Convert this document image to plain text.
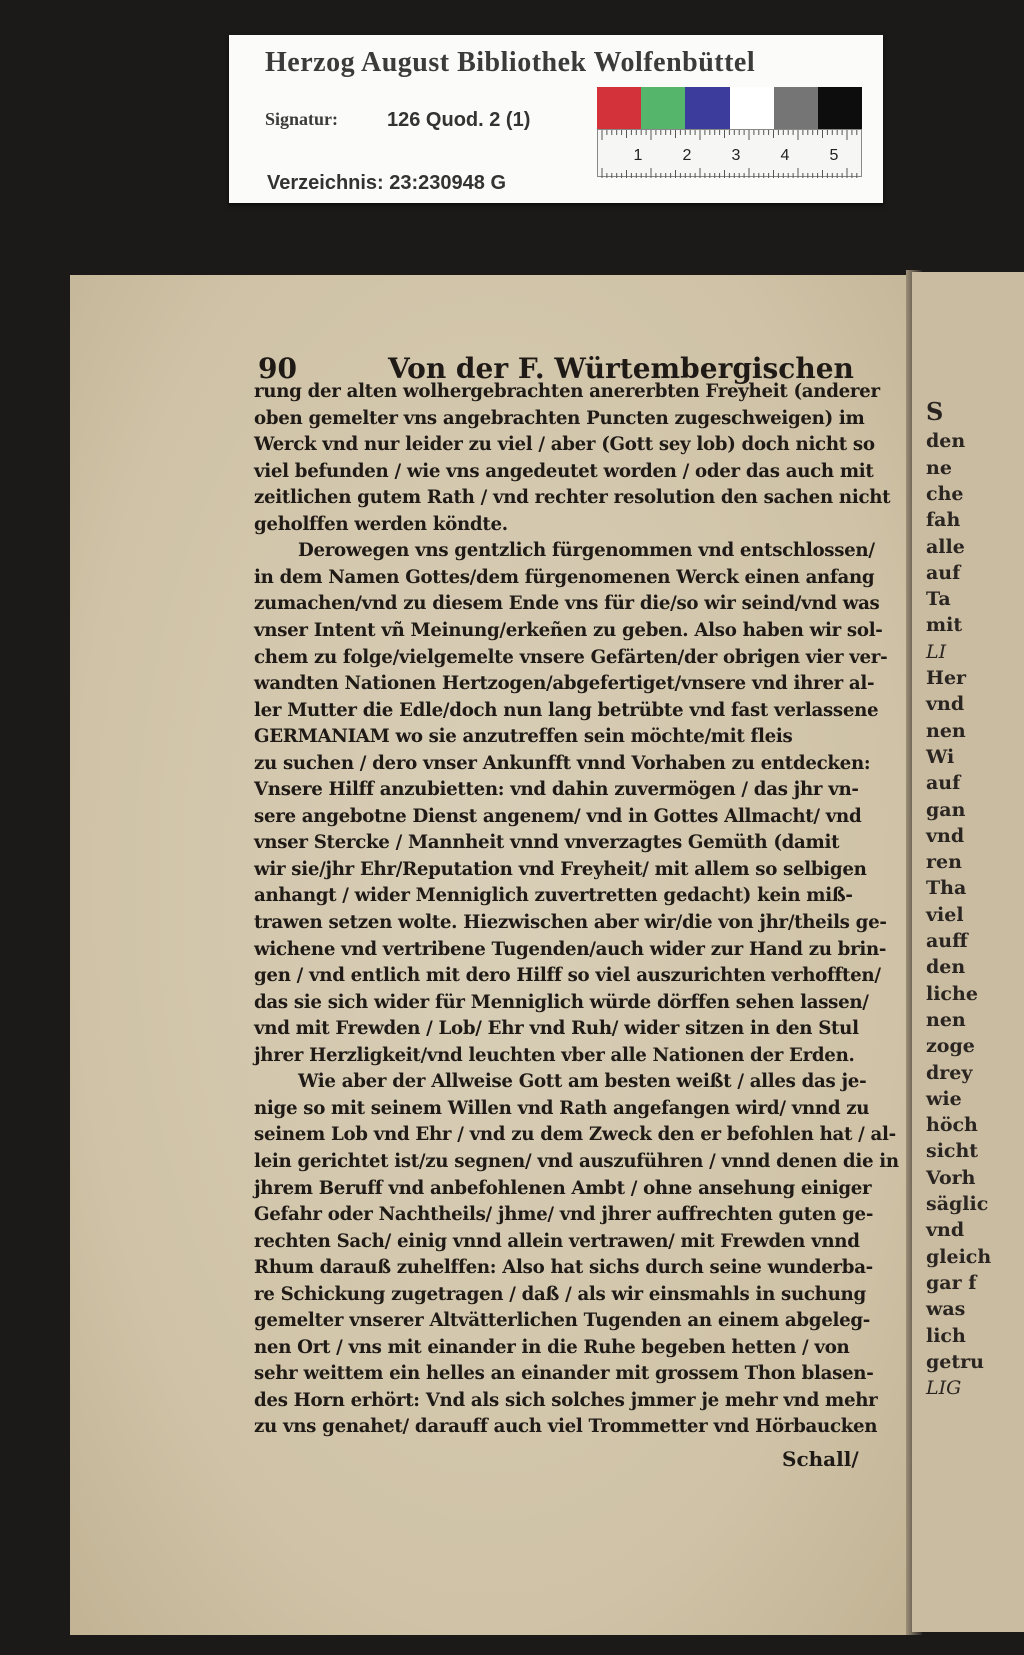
Herzog August Bibliothek Wolfenbüttel
Signatur: 126 Quod. 2 (1)
Verzeichnis: 23:230948 G
1	2	3	4	5
S
den
ne
che
fah
alle
auf
Ta
mit
LI
Her
vnd
nen
Wi
auf
gan
vnd
ren
Tha
viel
auff
den
liche
nen
zoge
drey
wie
höch
sicht
Vorh
säglic
vnd
gleich
gar f
was
lich
getru
LIG
90	Von der F. Würtembergischen
rung der alten wolhergebrachten anererbten Freyheit (anderer
oben gemelter vns angebrachten Puncten zugeschweigen) im
Werck vnd nur leider zu viel / aber (Gott sey lob) doch nicht so
viel befunden / wie vns angedeutet worden / oder das auch mit
zeitlichen gutem Rath / vnd rechter resolution den sachen nicht
geholffen werden köndte.
Derowegen vns gentzlich fürgenommen vnd entschlossen/
in dem Namen Gottes/dem fürgenomenen Werck einen anfang
zumachen/vnd zu diesem Ende vns für die/so wir seind/vnd was
vnser Intent vñ Meinung/erkeñen zu geben. Also haben wir sol-
chem zu folge/vielgemelte vnsere Gefärten/der obrigen vier ver-
wandten Nationen Hertzogen/abgefertiget/vnsere vnd ihrer al-
ler Mutter die Edle/doch nun lang betrübte vnd fast verlassene
GERMANIAM wo sie anzutreffen sein möchte/mit fleis
zu suchen / dero vnser Ankunfft vnnd Vorhaben zu entdecken:
Vnsere Hilff anzubietten: vnd dahin zuvermögen / das jhr vn-
sere angebotne Dienst angenem/ vnd in Gottes Allmacht/ vnd
vnser Stercke / Mannheit vnnd vnverzagtes Gemüth (damit
wir sie/jhr Ehr/Reputation vnd Freyheit/ mit allem so selbigen
anhangt / wider Menniglich zuvertretten gedacht) kein miß-
trawen setzen wolte. Hiezwischen aber wir/die von jhr/theils ge-
wichene vnd vertribene Tugenden/auch wider zur Hand zu brin-
gen / vnd entlich mit dero Hilff so viel auszurichten verhofften/
das sie sich wider für Menniglich würde dörffen sehen lassen/
vnd mit Frewden / Lob/ Ehr vnd Ruh/ wider sitzen in den Stul
jhrer Herzligkeit/vnd leuchten vber alle Nationen der Erden.
Wie aber der Allweise Gott am besten weißt / alles das je-
nige so mit seinem Willen vnd Rath angefangen wird/ vnnd zu
seinem Lob vnd Ehr / vnd zu dem Zweck den er befohlen hat / al-
lein gerichtet ist/zu segnen/ vnd auszuführen / vnnd denen die in
jhrem Beruff vnd anbefohlenen Ambt / ohne ansehung einiger
Gefahr oder Nachtheils/ jhme/ vnd jhrer auffrechten guten ge-
rechten Sach/ einig vnnd allein vertrawen/ mit Frewden vnnd
Rhum darauß zuhelffen: Also hat sichs durch seine wunderba-
re Schickung zugetragen / daß / als wir einsmahls in suchung
gemelter vnserer Altvätterlichen Tugenden an einem abgeleg-
nen Ort / vns mit einander in die Ruhe begeben hetten / von
sehr weittem ein helles an einander mit grossem Thon blasen-
des Horn erhört: Vnd als sich solches jmmer je mehr vnd mehr
zu vns genahet/ darauff auch viel Trommetter vnd Hörbaucken
Schall/
